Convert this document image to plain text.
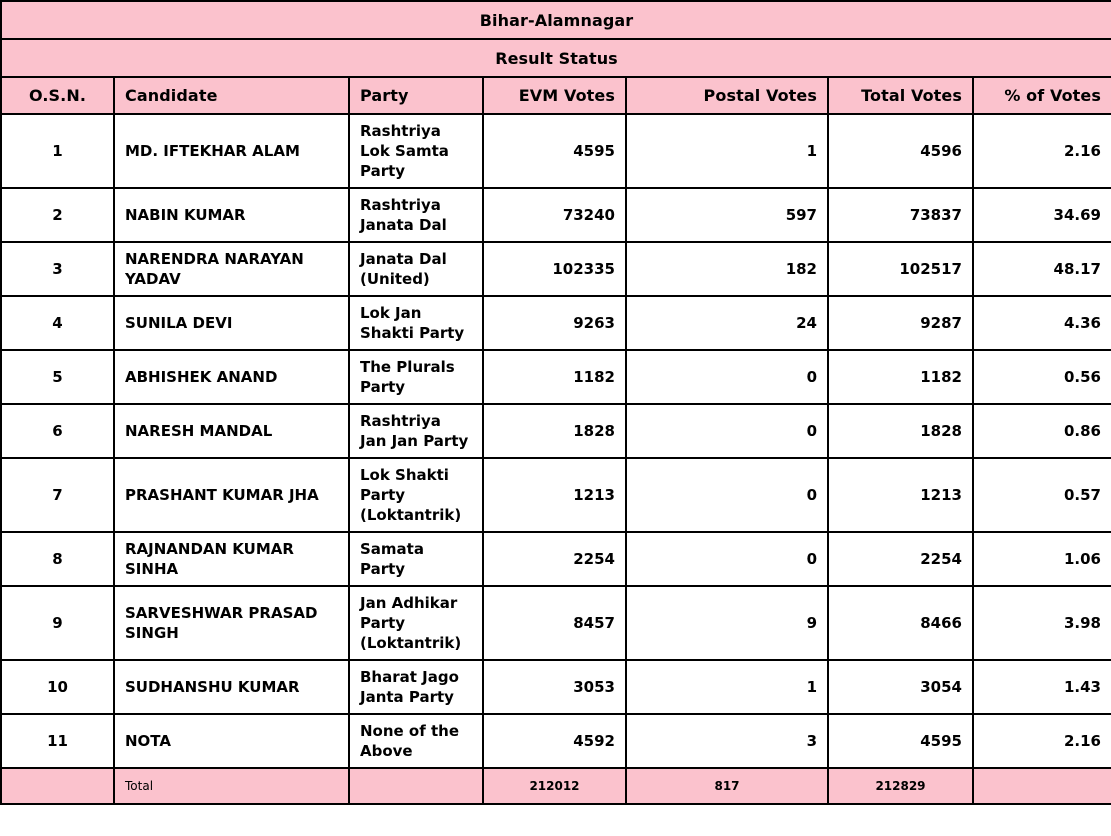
Bihar-Alamnagar						
Result Status						
O.S.N.	Candidate	Party	EVM Votes	Postal Votes	Total Votes	% of Votes
1	MD. IFTEKHAR ALAM	Rashtriya Lok Samta Party	4595	1	4596	2.16
2	NABIN KUMAR	Rashtriya Janata Dal	73240	597	73837	34.69
3	NARENDRA NARAYAN YADAV	Janata Dal (United)	102335	182	102517	48.17
4	SUNILA DEVI	Lok Jan Shakti Party	9263	24	9287	4.36
5	ABHISHEK ANAND	The Plurals Party	1182	0	1182	0.56
6	NARESH MANDAL	Rashtriya Jan Jan Party	1828	0	1828	0.86
7	PRASHANT KUMAR JHA	Lok Shakti Party (Loktantrik)	1213	0	1213	0.57
8	RAJNANDAN KUMAR SINHA	Samata Party	2254	0	2254	1.06
9	SARVESHWAR PRASAD SINGH	Jan Adhikar Party (Loktantrik)	8457	9	8466	3.98
10	SUDHANSHU KUMAR	Bharat Jago Janta Party	3053	1	3054	1.43
11	NOTA	None of the Above	4592	3	4595	2.16
	Total		212012	817	212829	
